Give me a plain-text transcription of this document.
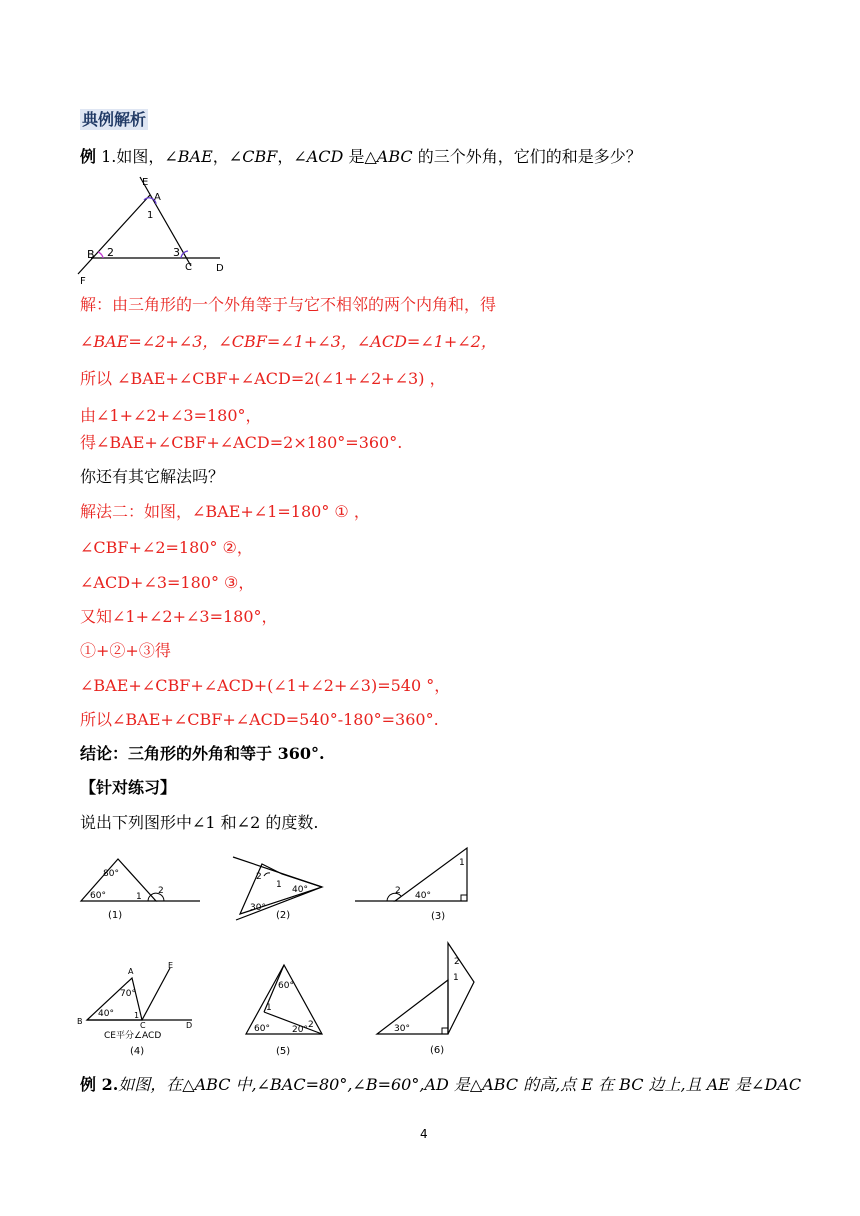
典例解析
例 1.如图，∠BAE，∠CBF，∠ACD 是△ABC 的三个外角，它们的和是多少？
E
A
1
B 2	3
C D
F
解：由三角形的一个外角等于与它不相邻的两个内角和，得
∠BAE=∠2+∠3，∠CBF=∠1+∠3，∠ACD=∠1+∠2，
所以 ∠BAE+∠CBF+∠ACD=2(∠1+∠2+∠3) ，
由∠1+∠2+∠3=180°，
得∠BAE+∠CBF+∠ACD=2×180°=360°.
你还有其它解法吗？
解法二：如图，∠BAE+∠1=180° ① ，
∠CBF+∠2=180° ②，
∠ACD+∠3=180° ③，
又知∠1+∠2+∠3=180°，
①+②+③得
∠BAE+∠CBF+∠ACD+(∠1+∠2+∠3)=540 °，
所以∠BAE+∠CBF+∠ACD=540°-180°=360°.
结论：三角形的外角和等于 360°.
【针对练习】
说出下列图形中∠1 和∠2 的度数.
80°
60°	1
2
(1)
2
1 40°
30°
(2)
1
2 40°
(3)
A
E
70°
40°	1
B	C	D
CE平分∠ACD
(4)
60°
1
60° 20° 2
(5)
2
1
30°
(6)
例 2.如图，在△ABC 中,∠BAC=80°,∠B=60°,AD 是△ABC 的高,点 E 在 BC 边上,且 AE 是∠DAC
4
